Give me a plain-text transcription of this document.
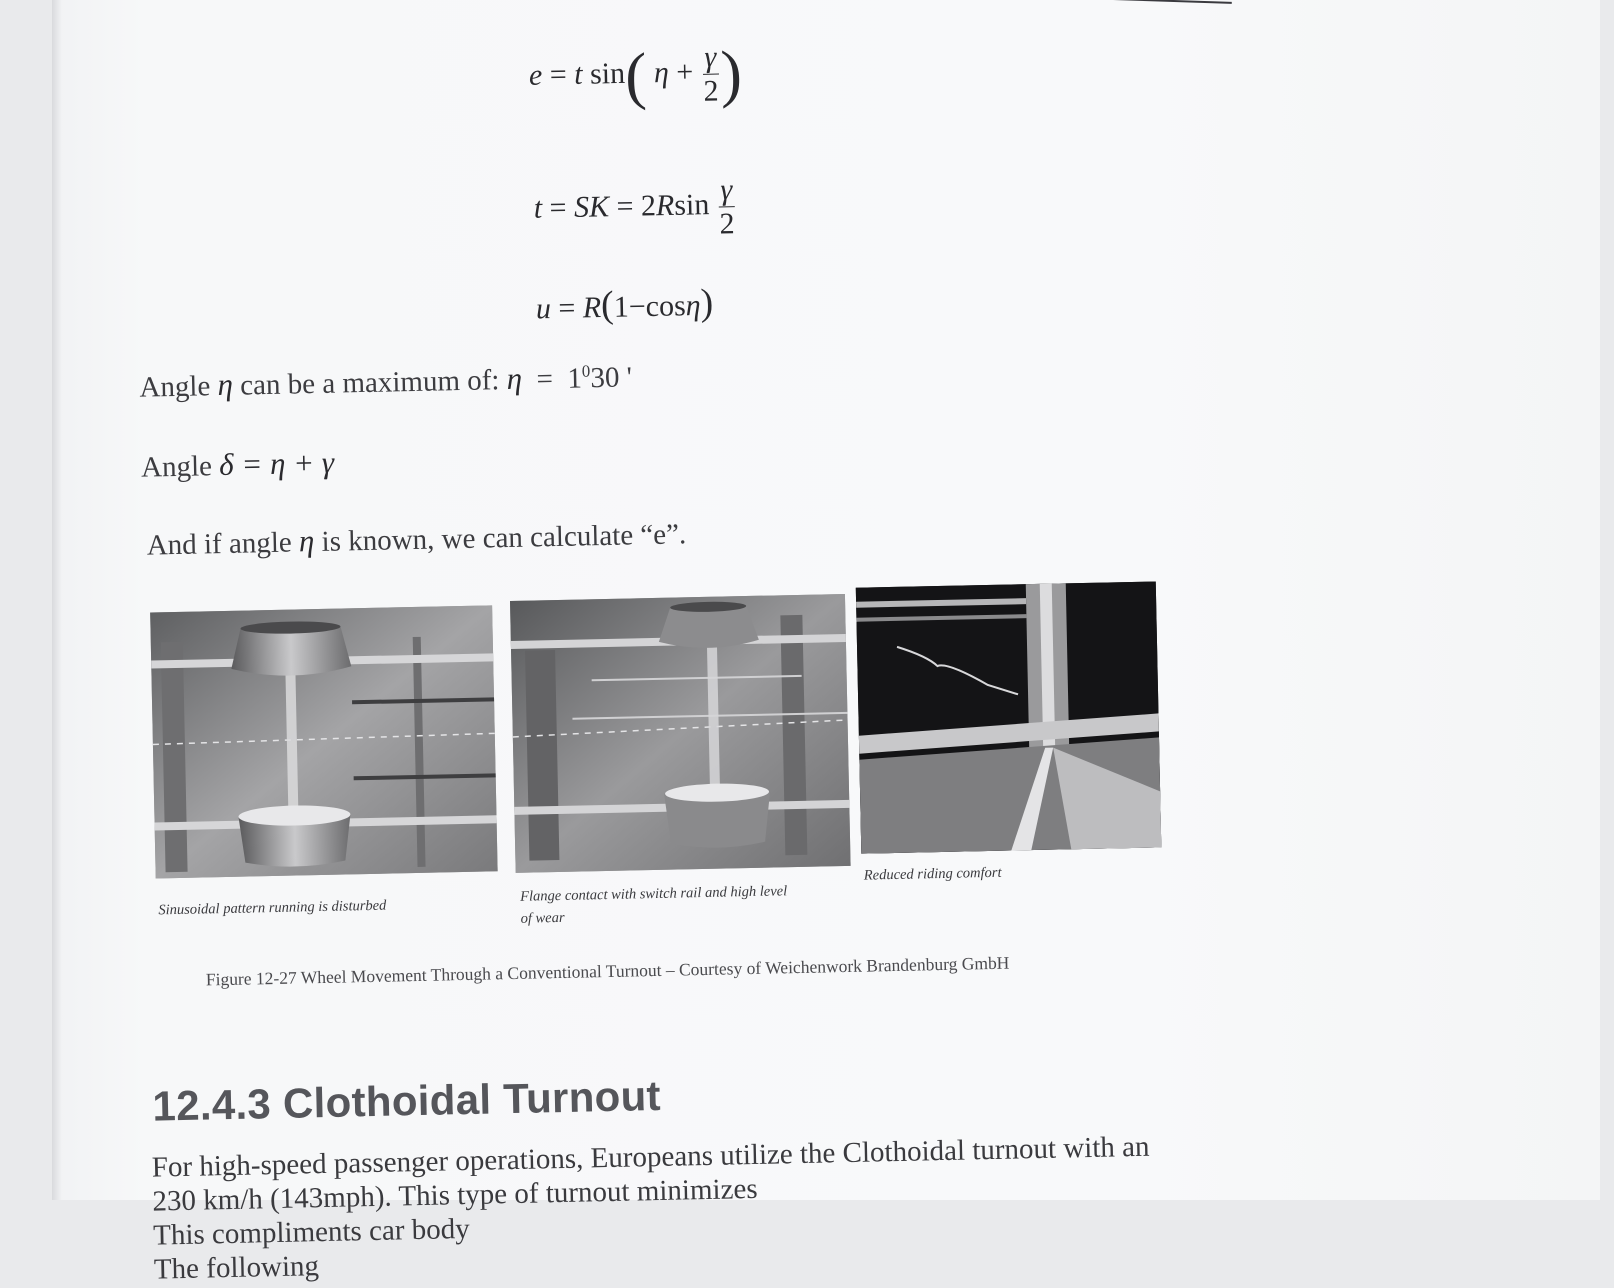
e = t sin( $\eta + \frac{\gamma}{2}$ )
t = SK = $2Rsin \frac{\gamma}{2}$
u = R(1−cosη)
Angle η can be a maximum of: $\eta = 1^030$ '
Angle δ = η + γ
And if angle η is known, we can calculate “e”.
Sinusoidal pattern running is disturbed
Flange contact with switch rail and high level
of wear
Reduced riding comfort
Figure 12-27 Wheel Movement Through a Conventional Turnout – Courtesy of Weichenwork Brandenburg GmbH
12.4.3 Clothoidal Turnout
For high-speed passenger operations, Europeans utilize the Clothoidal turnout with an
230 km/h (143mph). This type of turnout minimizes
This compliments car body
The following
